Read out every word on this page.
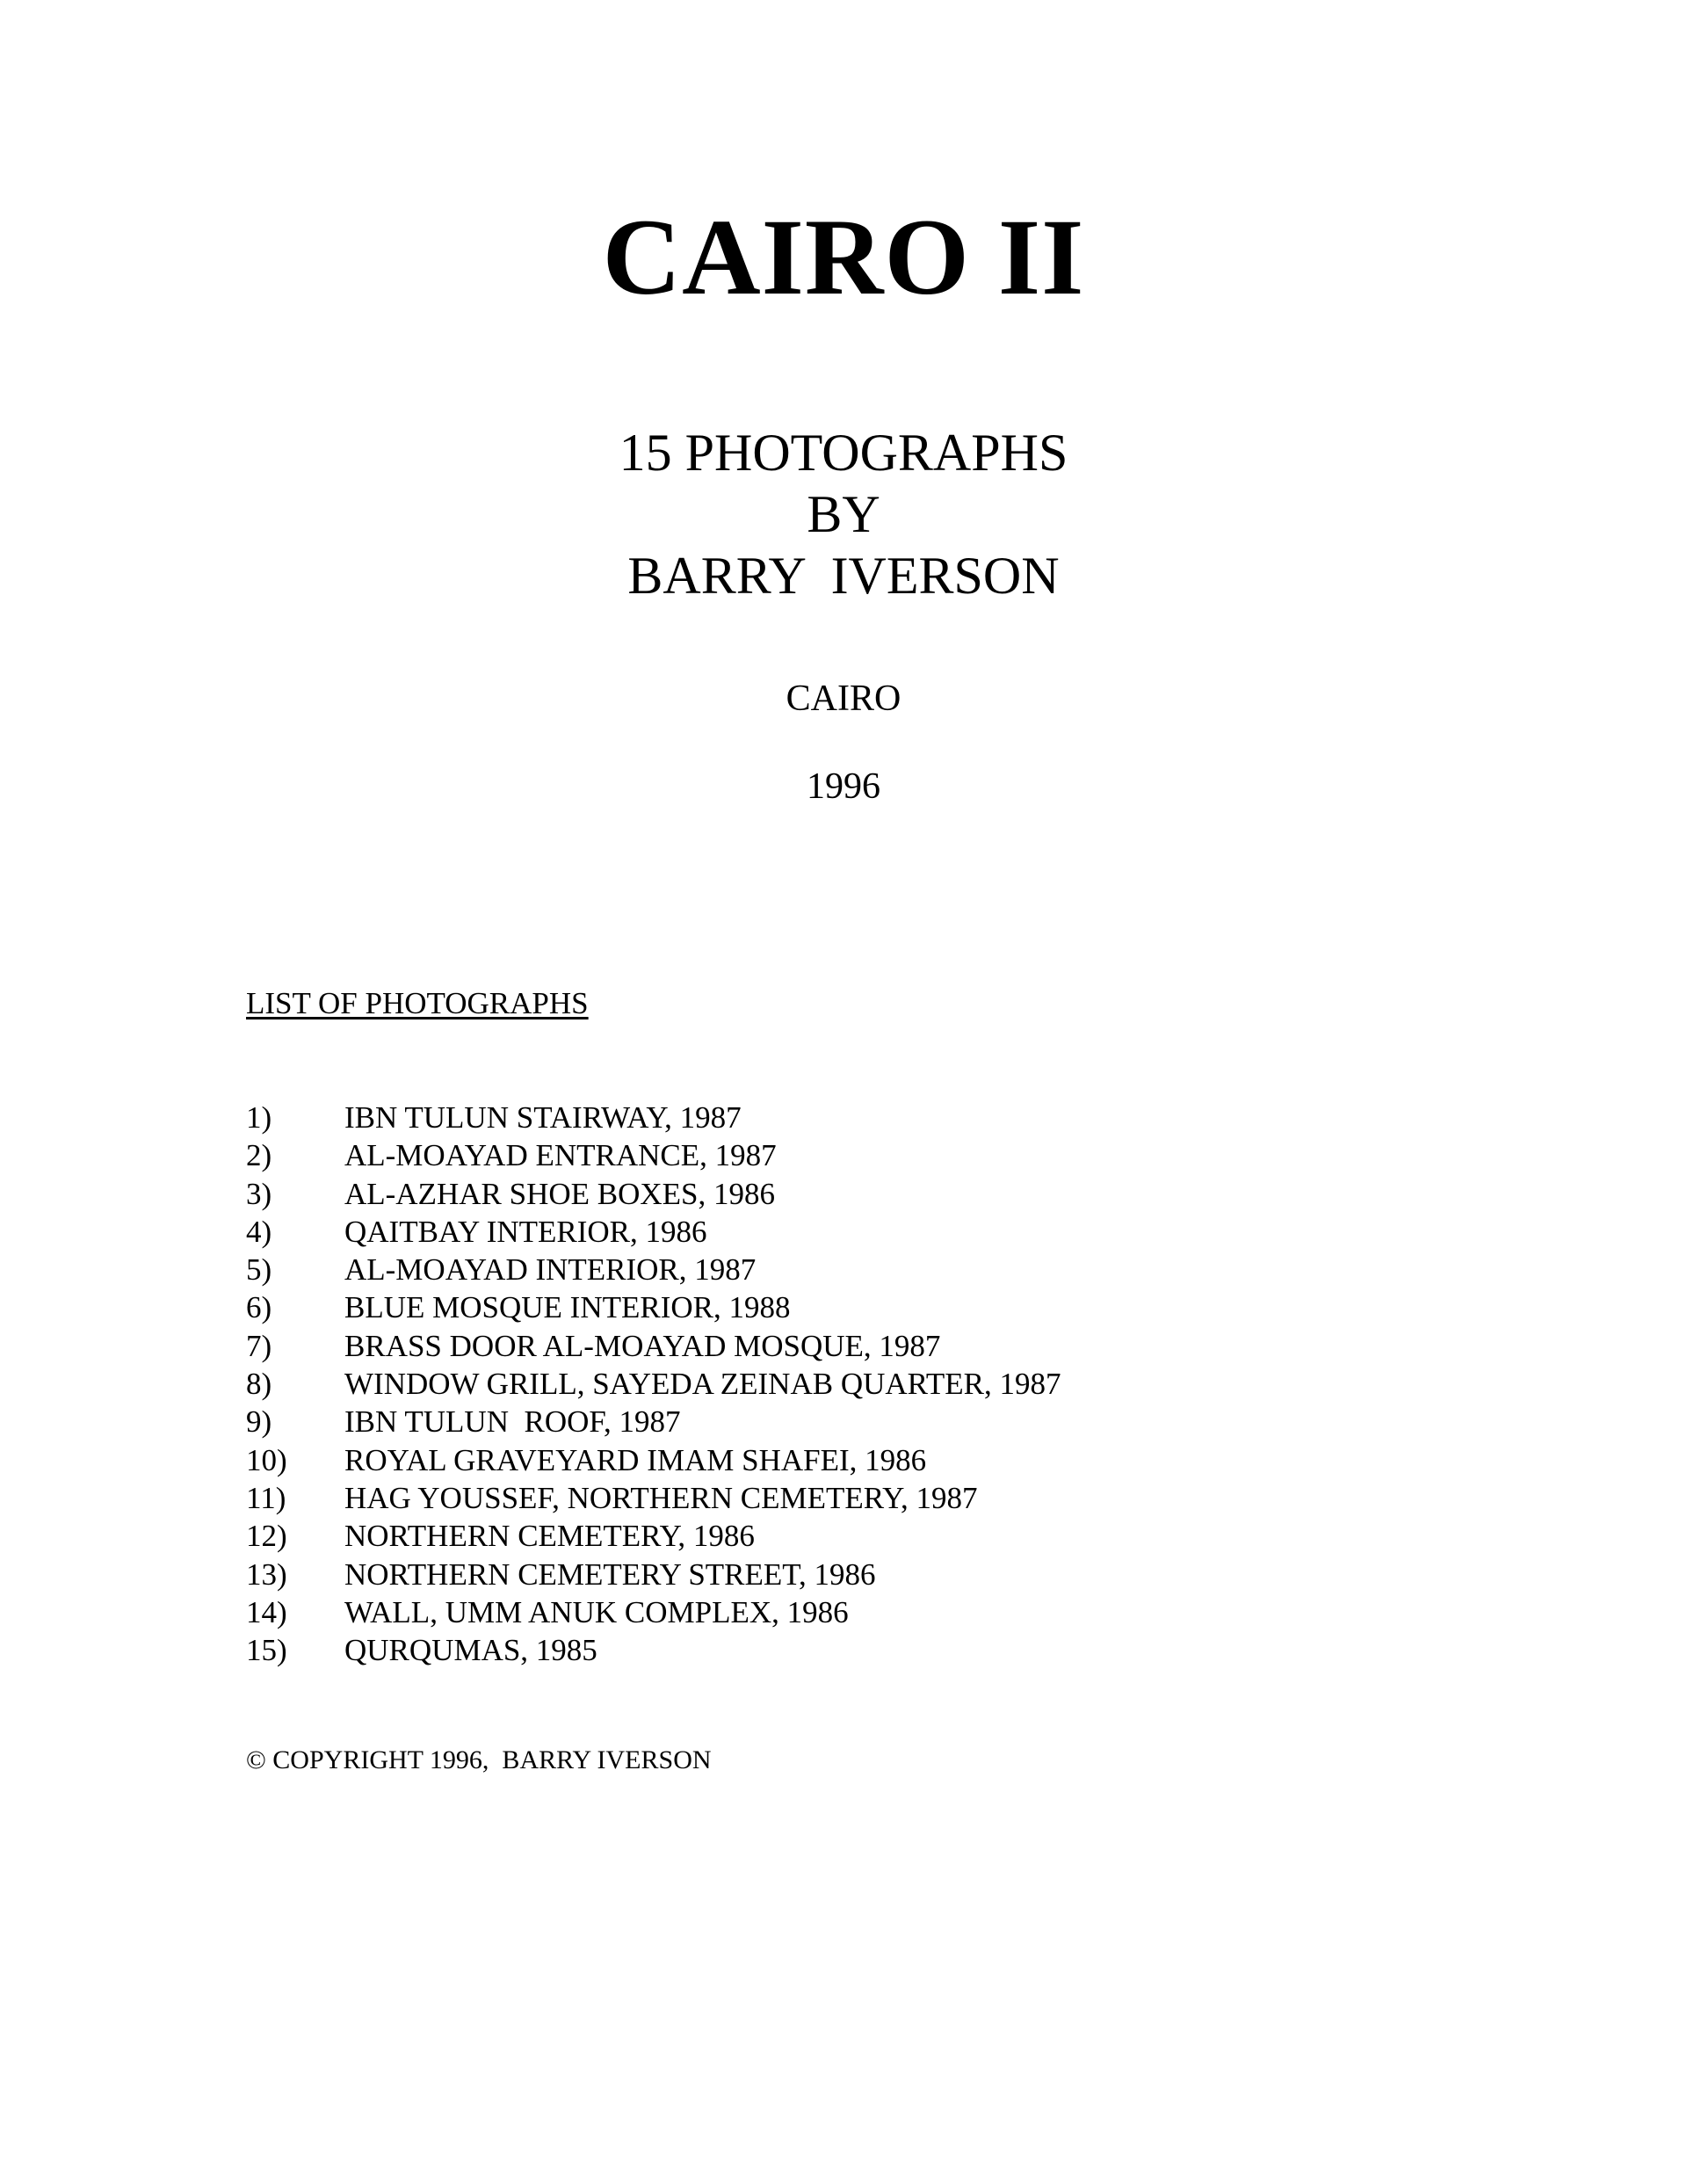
CAIRO II
15 PHOTOGRAPHS
BY
BARRY  IVERSON
CAIRO
1996
LIST OF PHOTOGRAPHS
1)	IBN TULUN STAIRWAY, 1987
2)	AL-MOAYAD ENTRANCE, 1987
3)	AL-AZHAR SHOE BOXES, 1986
4)	QAITBAY INTERIOR, 1986
5)	AL-MOAYAD INTERIOR, 1987
6)	BLUE MOSQUE INTERIOR, 1988
7)	BRASS DOOR AL-MOAYAD MOSQUE, 1987
8)	WINDOW GRILL, SAYEDA ZEINAB QUARTER, 1987
9)	IBN TULUN  ROOF, 1987
10)	ROYAL GRAVEYARD IMAM SHAFEI, 1986
11)	HAG YOUSSEF, NORTHERN CEMETERY, 1987
12)	NORTHERN CEMETERY, 1986
13)	NORTHERN CEMETERY STREET, 1986
14)	WALL, UMM ANUK COMPLEX, 1986
15)	QURQUMAS, 1985
© COPYRIGHT 1996,  BARRY IVERSON
